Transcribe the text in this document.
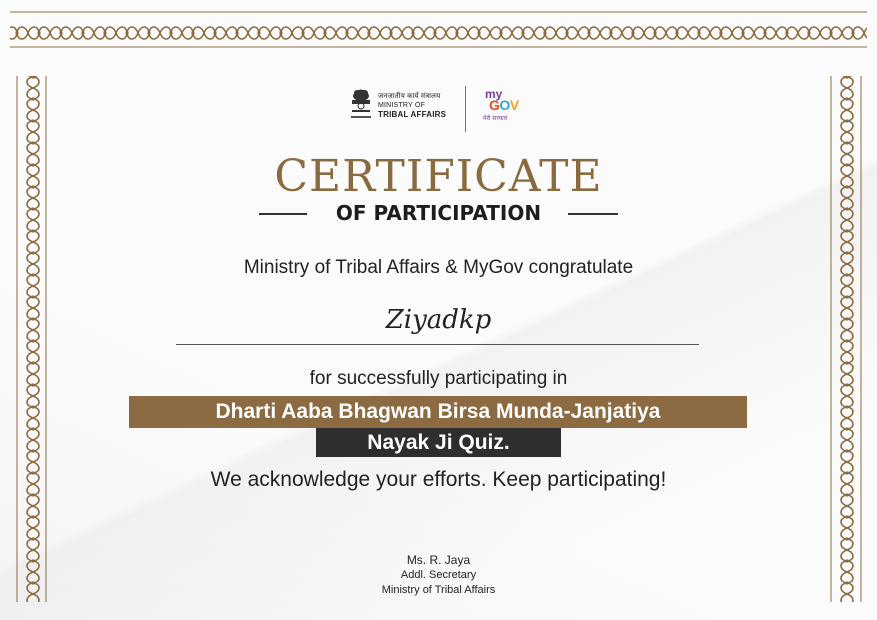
जनजातीय कार्य मंत्रालय
MINISTRY OF
TRIBAL AFFAIRS
my
GOV
मेरी सरकार
CERTIFICATE
OF PARTICIPATION
Ministry of Tribal Affairs & MyGov congratulate
Ziyadkp
for successfully participating in
Dharti Aaba Bhagwan Birsa Munda-Janjatiya
Nayak Ji Quiz.
We acknowledge your efforts. Keep participating!
Ms. R. Jaya
Addl. Secretary
Ministry of Tribal Affairs
